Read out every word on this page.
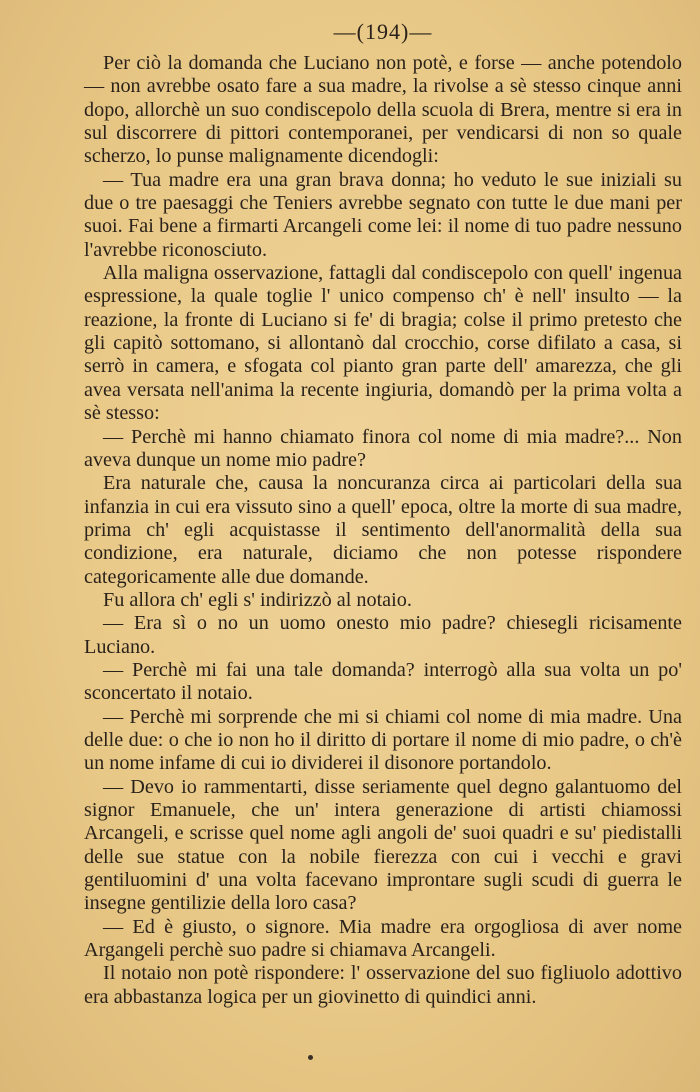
—(194)—

Per ciò la domanda che Luciano non potè, e forse — anche potendolo — non avrebbe osato fare a sua madre, la rivolse a sè stesso cinque anni dopo, allorchè un suo condiscepolo della scuola di Brera, mentre si era in sul discorrere di pittori contemporanei, per vendicarsi di non so quale scherzo, lo punse malignamente dicendogli:

— Tua madre era una gran brava donna; ho veduto le sue iniziali su due o tre paesaggi che Teniers avrebbe segnato con tutte le due mani per suoi. Fai bene a firmarti Arcangeli come lei: il nome di tuo padre nessuno l'avrebbe riconosciuto.

Alla maligna osservazione, fattagli dal condiscepolo con quell' ingenua espressione, la quale toglie l' unico compenso ch' è nell' insulto — la reazione, la fronte di Luciano si fe' di bragia; colse il primo pretesto che gli capitò sottomano, si allontanò dal crocchio, corse difilato a casa, si serrò in camera, e sfogata col pianto gran parte dell' amarezza, che gli avea versata nell'anima la recente ingiuria, domandò per la prima volta a sè stesso:

— Perchè mi hanno chiamato finora col nome di mia madre?... Non aveva dunque un nome mio padre?

Era naturale che, causa la noncuranza circa ai particolari della sua infanzia in cui era vissuto sino a quell' epoca, oltre la morte di sua madre, prima ch' egli acquistasse il sentimento dell'anormalità della sua condizione, era naturale, diciamo che non potesse rispondere categoricamente alle due domande.

Fu allora ch' egli s' indirizzò al notaio.

— Era sì o no un uomo onesto mio padre? chiesegli ricisamente Luciano.

— Perchè mi fai una tale domanda? interrogò alla sua volta un po' sconcertato il notaio.

— Perchè mi sorprende che mi si chiami col nome di mia madre. Una delle due: o che io non ho il diritto di portare il nome di mio padre, o ch'è un nome infame di cui io dividerei il disonore portandolo.

— Devo io rammentarti, disse seriamente quel degno galantuomo del signor Emanuele, che un' intera generazione di artisti chiamossi Arcangeli, e scrisse quel nome agli angoli de' suoi quadri e su' piedistalli delle sue statue con la nobile fierezza con cui i vecchi e gravi gentiluomini d' una volta facevano improntare sugli scudi di guerra le insegne gentilizie della loro casa?

— Ed è giusto, o signore. Mia madre era orgogliosa di aver nome Argangeli perchè suo padre si chiamava Arcangeli.

Il notaio non potè rispondere: l' osservazione del suo figliuolo adottivo era abbastanza logica per un giovinetto di quindici anni.
